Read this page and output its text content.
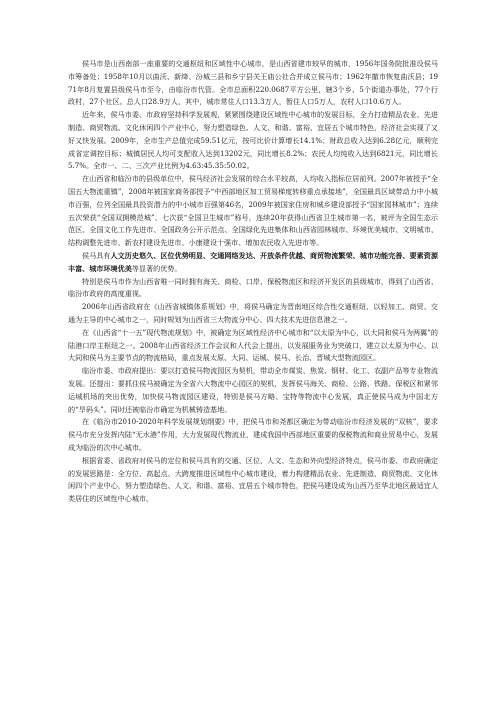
侯马市是山西南部一座重要的交通枢纽和区域性中心城市，是山西省建市较早的城市，1956年国务院批准设侯马市筹备处；1958年10月以曲沃、新绛、汾城三县和乡宁县关王庙公社合并成立侯马市；1962年撤市恢复曲沃县；1971年8月复置县级侯马市至今，由临汾市代管。全市总面积220.0687平方公里，辖3个乡、5个街道办事处，77个行政村，27个社区。总人口28.9万人，其中，城市常住人口13.3万人，暂住人口5万人，农村人口10.6万人。

近年来，侯马市委、市政府坚持科学发展观，紧紧围绕建设区域性中心城市的发展目标，全力打造精品农业、先进制造、商贸物流、文化休闲四个产业中心，努力塑造绿色、人文、和谐、富裕、宜居五个城市特色，经济社会实现了又好又快发展。2009年，全市生产总值完成59.51亿元，按可比价计算增长14.1%；财政总收入达到6.28亿元，顺利完成省定调控目标；城镇居民人均可支配收入达到13202元，同比增长8.2%；农民人均纯收入达到6821元，同比增长5.7%。全市一、二、三次产业比例为4.63:45.35:50.02。

在山西省和临汾市的县级单位中，侯马经济社会发展的综合水平较高，人均收入指标位居前列。2007年被授予“全国五大物流重镇”，2008年被国家商务部授予“中西部地区加工贸易梯度转移重点承接地”，全国最具区域带动力中小城市百强，位列全国最具投资潜力的中小城市百强第46名，2009年被国家住房和城乡建设部授予“国家园林城市”；连续五次荣获“全国双拥模范城”、七次获“全国卫生城市”称号，连续20年获得山西省卫生城市第一名，被评为全国生态示范区、全国文化工作先进市、全国政务公开示范点、全国绿化先进集体和山西省园林城市、环境优美城市、文明城市、结构调整先进市、新农村建设先进市、小康建设十强市、增加农民收入先进市等。

侯马具有人文历史悠久、区位优势明显、交通网络发达、开放条件优越、商贸物流繁荣、城市功能完善、要素资源丰富、城市环境优美等显著的优势。

特别是侯马市作为山西省唯一同时拥有海关、商检、口岸、保税物流区和经济开发区的县级城市，得到了山西省、临汾市政府的高度重视。

2006年山西省政府在《山西省城镇体系规划》中，将侯马确定为晋南地区综合性交通枢纽、以轻加工、商贸、交通为主导的中心城市之一，同时规划为山西省三大物流分中心、四大技术先进信息港之一。

在《山西省“十一五”现代物流规划》中，被确定为区域性经济中心城市和“以太原为中心，以大同和侯马为两翼”的陆港口岸主枢纽之一。2008年山西省经济工作会议和人代会上提出，以发展服务业为突破口，建立以太原为中心、以大同和侯马为主要节点的物流格局，重点发展太原、大同、运城、侯马、长治、晋城大型物流园区。

临汾市委、市政府提出：要以打造侯马物流园区为契机，带动全市煤炭、焦炭、钢材、化工、农副产品等专业物流发展。还提出：要抓住侯马被确定为全省六大物流中心园区的契机，发挥侯马海关、商检、公路、铁路、保税区和紧邻运城机场的突出优势，加快侯马物流园区建设，特别是侯马方略、宝特等物流中心发展，真正使侯马成为中国北方的“旱码头”。同时还被临汾市确定为机械铸造基地。

在《临汾市2010-2020年科学发展规划纲要》中，把侯马市和尧都区确定为带动临汾市经济发展的“双核”，要求侯马市充分发挥内陆“无水港”作用，大力发展现代物流业，建成我国中西部地区重要的保税物流和商业贸易中心，发展成为临汾的次中心城市。

根据省委、省政府对侯马的定位和侯马具有的交通、区位、人文、生态和外向型经济特点，侯马市委、市政府确定的发展思路是：全方位、高起点、大跨度推进区域性中心城市建设，着力构建精品农业、先进制造、商贸物流、文化休闲四个产业中心，努力塑造绿色、人文、和谐、富裕、宜居五个城市特色，把侯马建设成为山西乃至华北地区最适宜人类居住的区域性中心城市。
